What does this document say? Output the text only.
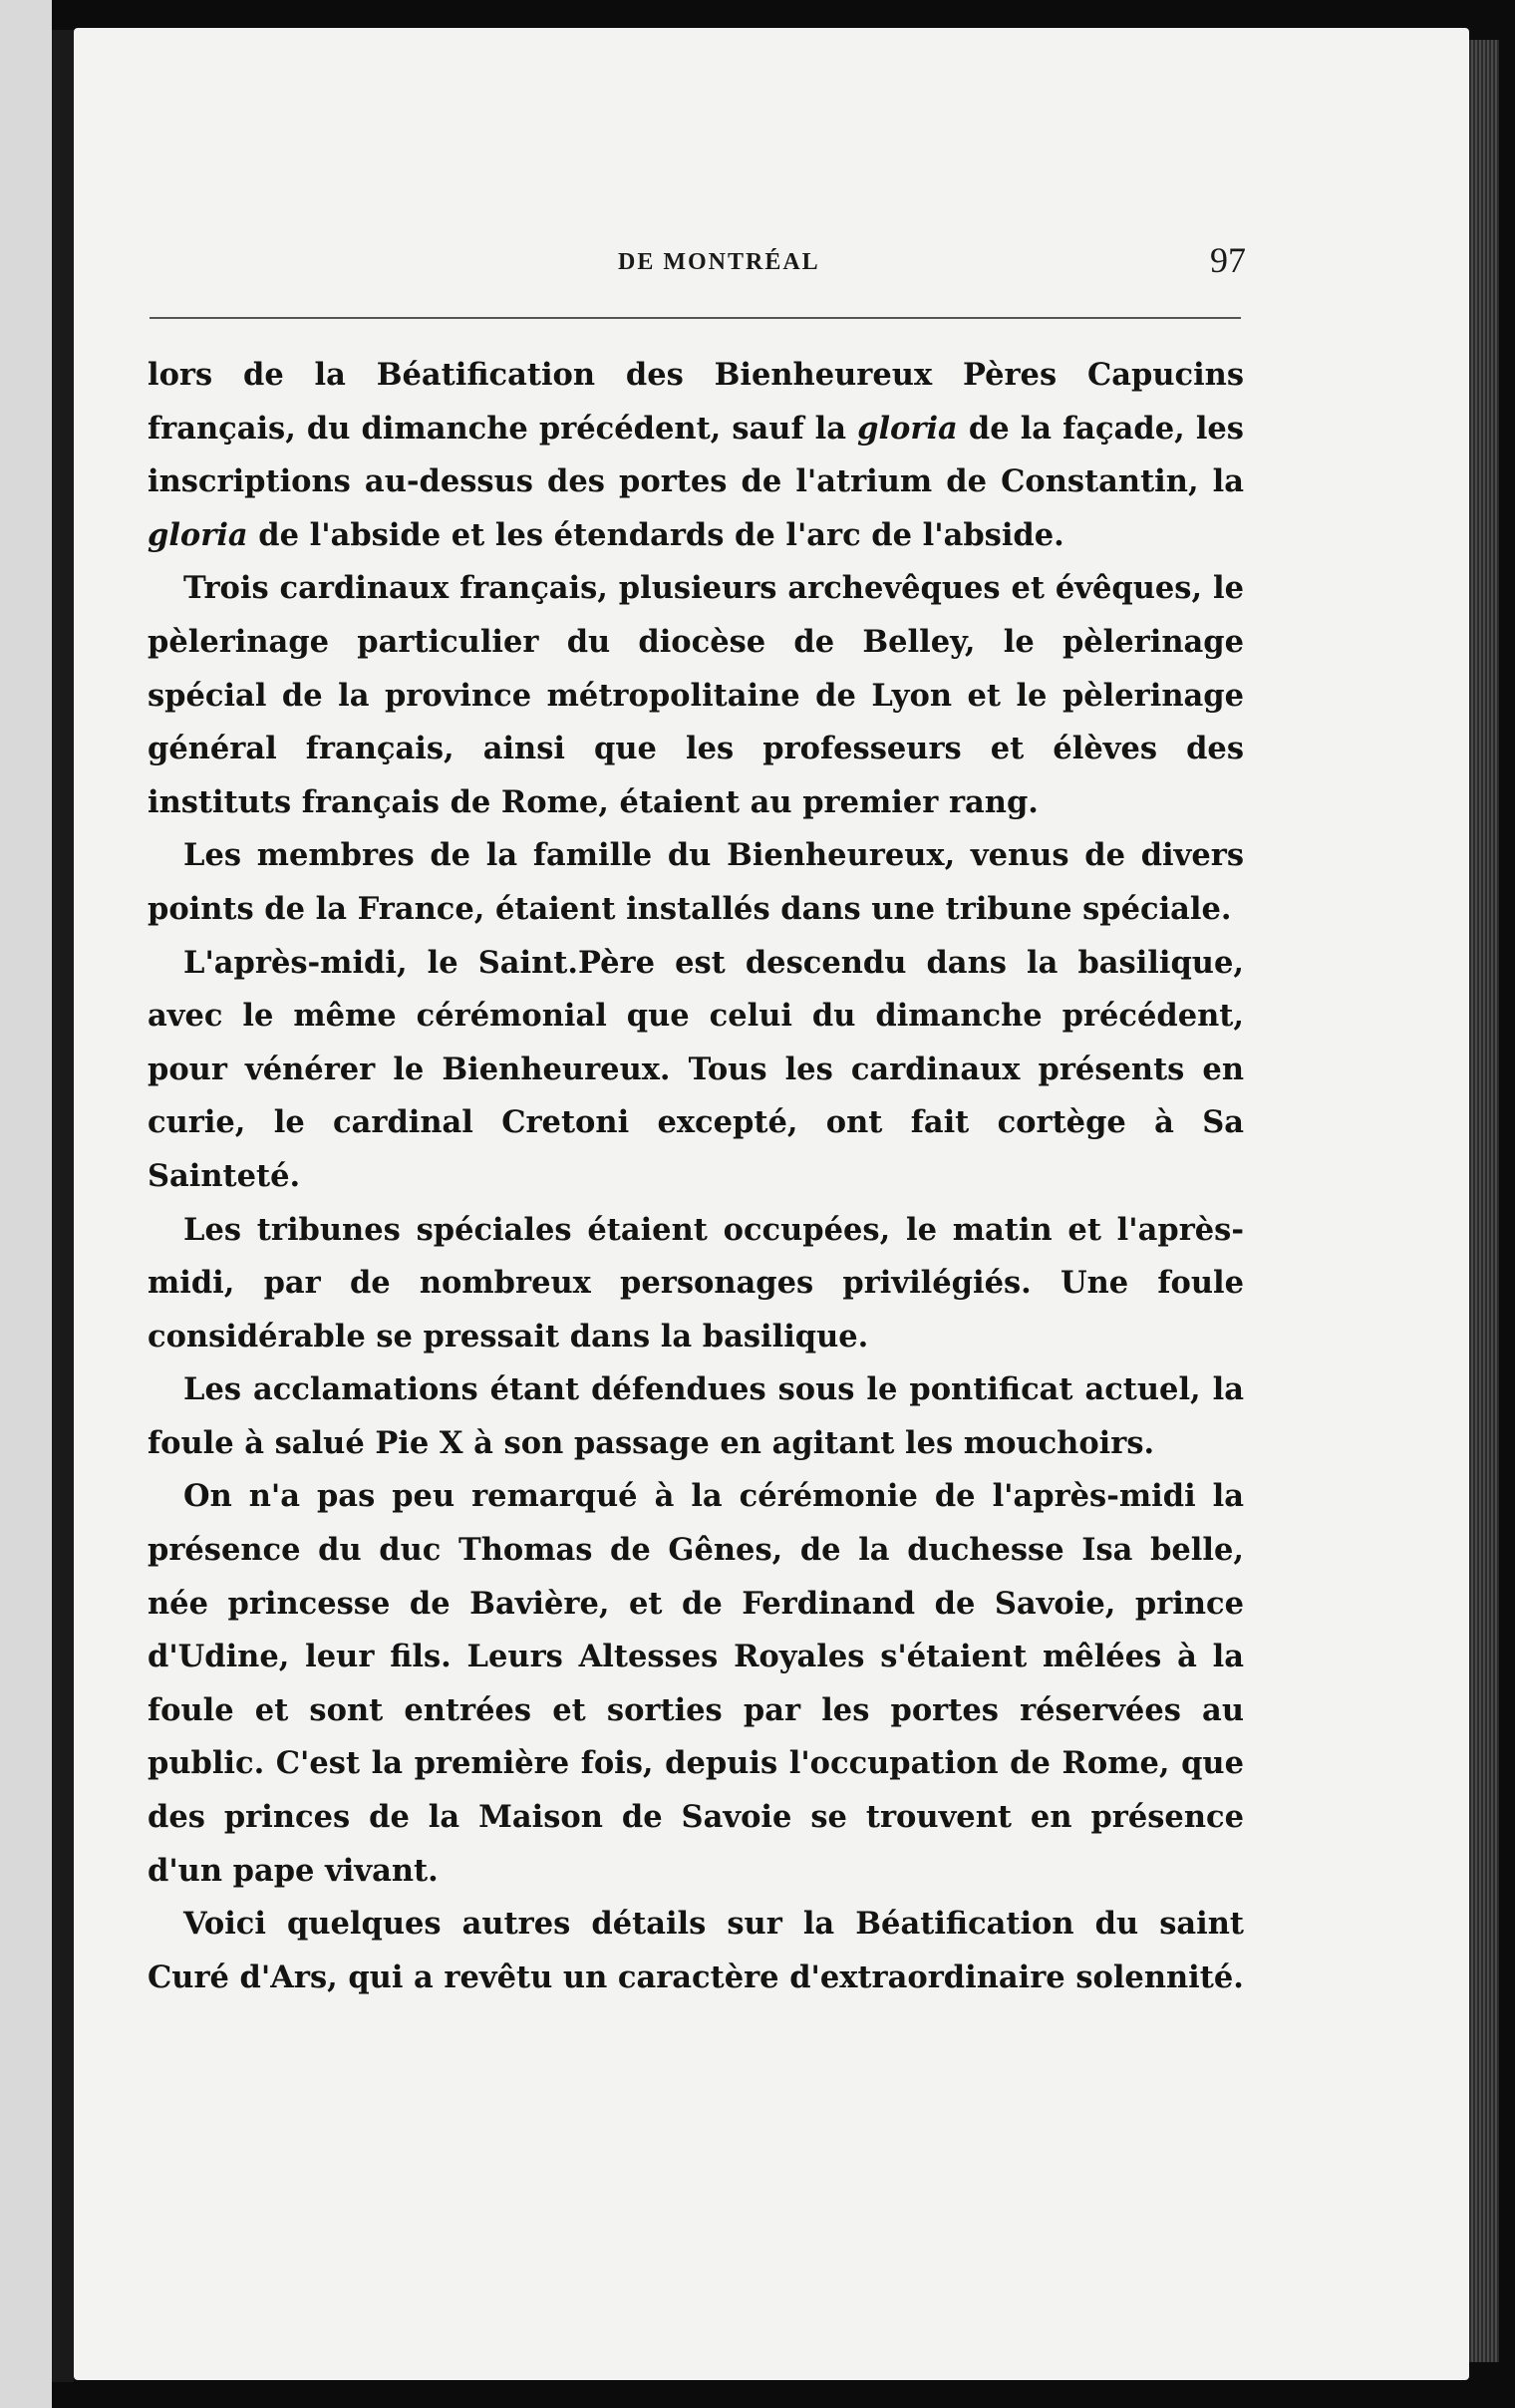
DE MONTRÉAL	97

lors de la Béatification des Bienheureux Pères Capucins français, du dimanche précédent, sauf la gloria de la façade, les inscriptions au-dessus des portes de l'atrium de Constantin, la gloria de l'abside et les étendards de l'arc de l'abside.

Trois cardinaux français, plusieurs archevêques et évêques, le pèlerinage particulier du diocèse de Belley, le pèlerinage spécial de la province métropolitaine de Lyon et le pèlerinage général français, ainsi que les professeurs et élèves des instituts français de Rome, étaient au premier rang.

Les membres de la famille du Bienheureux, venus de divers points de la France, étaient installés dans une tribune spéciale.

L'après-midi, le Saint.Père est descendu dans la basilique, avec le même cérémonial que celui du dimanche précédent, pour vénérer le Bienheureux. Tous les cardinaux présents en curie, le cardinal Cretoni excepté, ont fait cortège à Sa Sainteté.

Les tribunes spéciales étaient occupées, le matin et l'après-midi, par de nombreux personages privilégiés. Une foule considérable se pressait dans la basilique.

Les acclamations étant défendues sous le pontificat actuel, la foule à salué Pie X à son passage en agitant les mouchoirs.

On n'a pas peu remarqué à la cérémonie de l'après-midi la présence du duc Thomas de Gênes, de la duchesse Isa belle, née princesse de Bavière, et de Ferdinand de Savoie, prince d'Udine, leur fils. Leurs Altesses Royales s'étaient mêlées à la foule et sont entrées et sorties par les portes réservées au public. C'est la première fois, depuis l'occupation de Rome, que des princes de la Maison de Savoie se trouvent en présence d'un pape vivant.

Voici quelques autres détails sur la Béatification du saint Curé d'Ars, qui a revêtu un caractère d'extraordinaire solennité.
